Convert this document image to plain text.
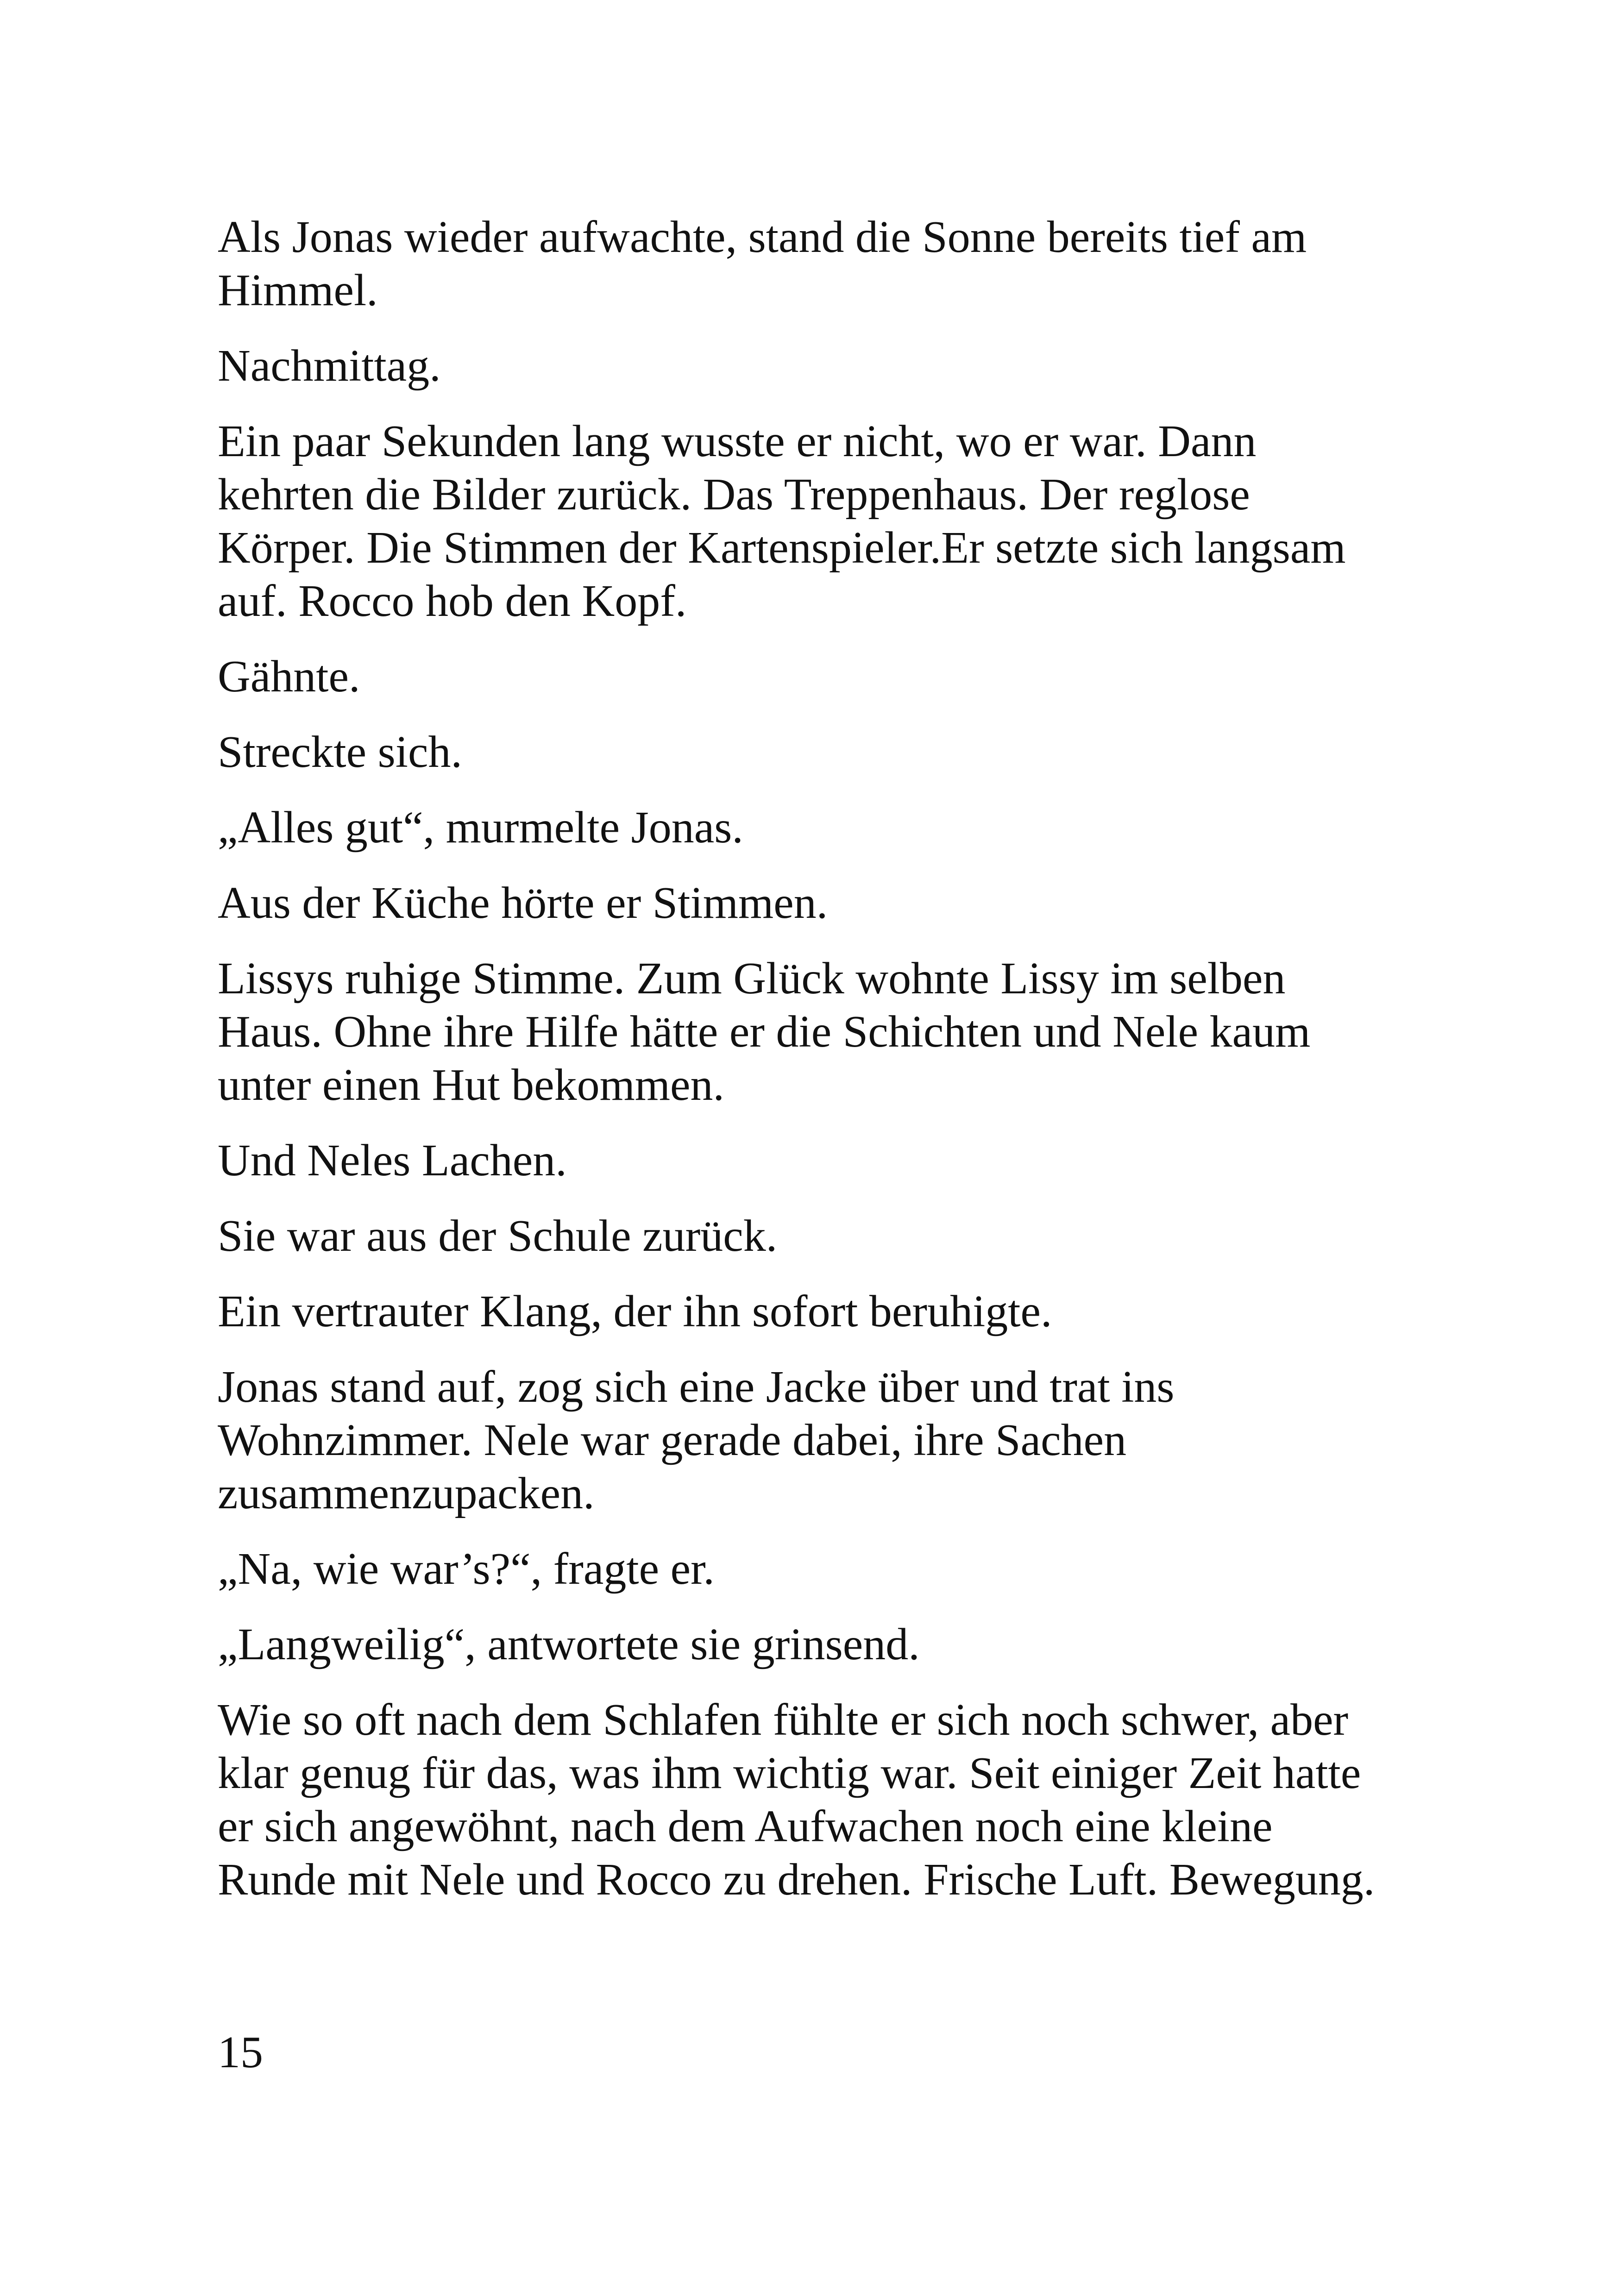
Als Jonas wieder aufwachte, stand die Sonne bereits tief am
Himmel.

Nachmittag.

Ein paar Sekunden lang wusste er nicht, wo er war. Dann
kehrten die Bilder zurück. Das Treppenhaus. Der reglose
Körper. Die Stimmen der Kartenspieler.Er setzte sich langsam
auf. Rocco hob den Kopf.

Gähnte.

Streckte sich.

„Alles gut“, murmelte Jonas.

Aus der Küche hörte er Stimmen.

Lissys ruhige Stimme. Zum Glück wohnte Lissy im selben
Haus. Ohne ihre Hilfe hätte er die Schichten und Nele kaum
unter einen Hut bekommen.

Und Neles Lachen.

Sie war aus der Schule zurück.

Ein vertrauter Klang, der ihn sofort beruhigte.

Jonas stand auf, zog sich eine Jacke über und trat ins
Wohnzimmer. Nele war gerade dabei, ihre Sachen
zusammenzupacken.

„Na, wie war’s?“, fragte er.

„Langweilig“, antwortete sie grinsend.

Wie so oft nach dem Schlafen fühlte er sich noch schwer, aber
klar genug für das, was ihm wichtig war. Seit einiger Zeit hatte
er sich angewöhnt, nach dem Aufwachen noch eine kleine
Runde mit Nele und Rocco zu drehen. Frische Luft. Bewegung.

15
